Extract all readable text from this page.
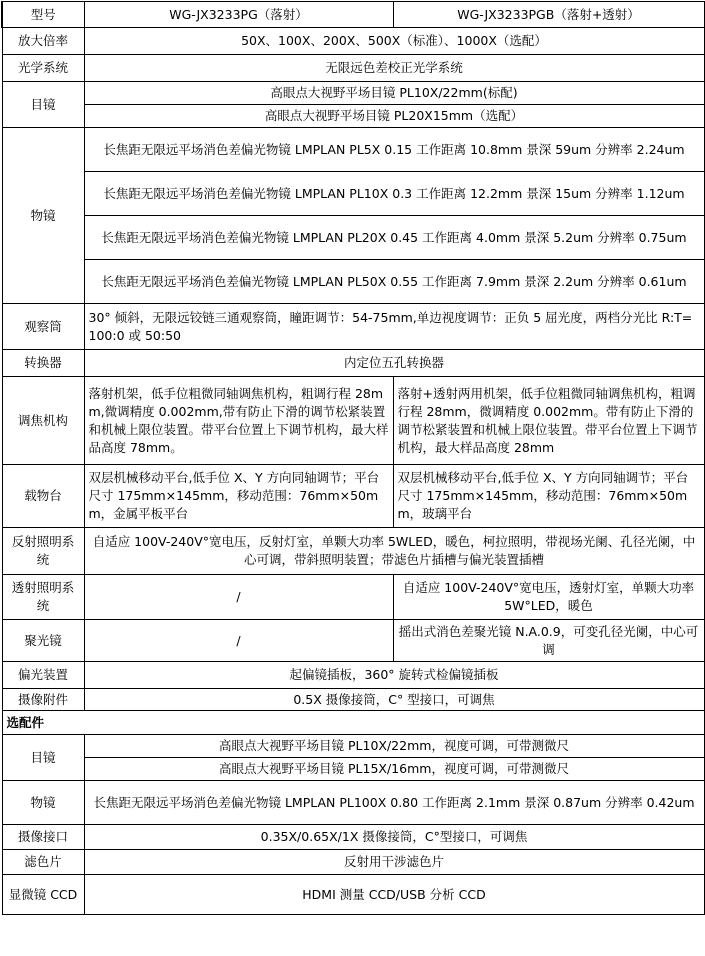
型号	WG-JX3233PG（落射）	WG-JX3233PGB（落射+透射）
放大倍率	50X、100X、200X、500X（标准）、1000X（选配）	
光学系统	无限远色差校正光学系统	
目镜	高眼点大视野平场目镜 PL10X/22mm(标配)	
	高眼点大视野平场目镜 PL20X15mm（选配）	
物镜	长焦距无限远平场消色差偏光物镜 LMPLAN PL5X 0.15 工作距离 10.8mm 景深 59um 分辨率 2.24um	
	长焦距无限远平场消色差偏光物镜 LMPLAN PL10X 0.3 工作距离 12.2mm 景深 15um 分辨率 1.12um	
	长焦距无限远平场消色差偏光物镜 LMPLAN PL20X 0.45 工作距离 4.0mm 景深 5.2um 分辨率 0.75um	
	长焦距无限远平场消色差偏光物镜 LMPLAN PL50X 0.55 工作距离 7.9mm 景深 2.2um 分辨率 0.61um	
观察筒	30° 倾斜，无限远铰链三通观察筒，瞳距调节：54-75mm,单边视度调节：正负 5 屈光度，两档分光比 R:T=100:0 或 50:50	
转换器	内定位五孔转换器	
调焦机构	落射机架，低手位粗微同轴调焦机构，粗调行程 28mm,微调精度 0.002mm,带有防止下滑的调节松紧装置和机械上限位装置。带平台位置上下调节机构，最大样品高度 78mm。	落射+透射两用机架，低手位粗微同轴调焦机构，粗调行程 28mm，微调精度 0.002mm。带有防止下滑的调节松紧装置和机械上限位装置。带平台位置上下调节机构，最大样品高度 28mm
载物台	双层机械移动平台,低手位 X、Y 方向同轴调节；平台尺寸 175mm×145mm，移动范围：76mm×50mm，金属平板平台	双层机械移动平台,低手位 X、Y 方向同轴调节；平台尺寸 175mm×145mm，移动范围：76mm×50mm，玻璃平台
反射照明系统	自适应 100V-240V°宽电压，反射灯室，单颗大功率 5WLED，暖色，柯拉照明，带视场光阑、孔径光阑，中心可调，带斜照明装置；带滤色片插槽与偏光装置插槽	
透射照明系统	/	自适应 100V-240V°宽电压，透射灯室，单颗大功率 5W°LED，暖色
聚光镜	/	摇出式消色差聚光镜 N.A.0.9，可变孔径光阑，中心可调
偏光装置	起偏镜插板，360° 旋转式检偏镜插板	
摄像附件	0.5X 摄像接筒，C° 型接口，可调焦	
选配件		
目镜	高眼点大视野平场目镜 PL10X/22mm，视度可调，可带测微尺	
	高眼点大视野平场目镜 PL15X/16mm，视度可调，可带测微尺	
物镜	长焦距无限远平场消色差偏光物镜 LMPLAN PL100X 0.80 工作距离 2.1mm 景深 0.87um 分辨率 0.42um	
摄像接口	0.35X/0.65X/1X 摄像接筒，C°型接口，可调焦	
滤色片	反射用干涉滤色片	
显微镜 CCD	HDMI 测量 CCD/USB 分析 CCD	
